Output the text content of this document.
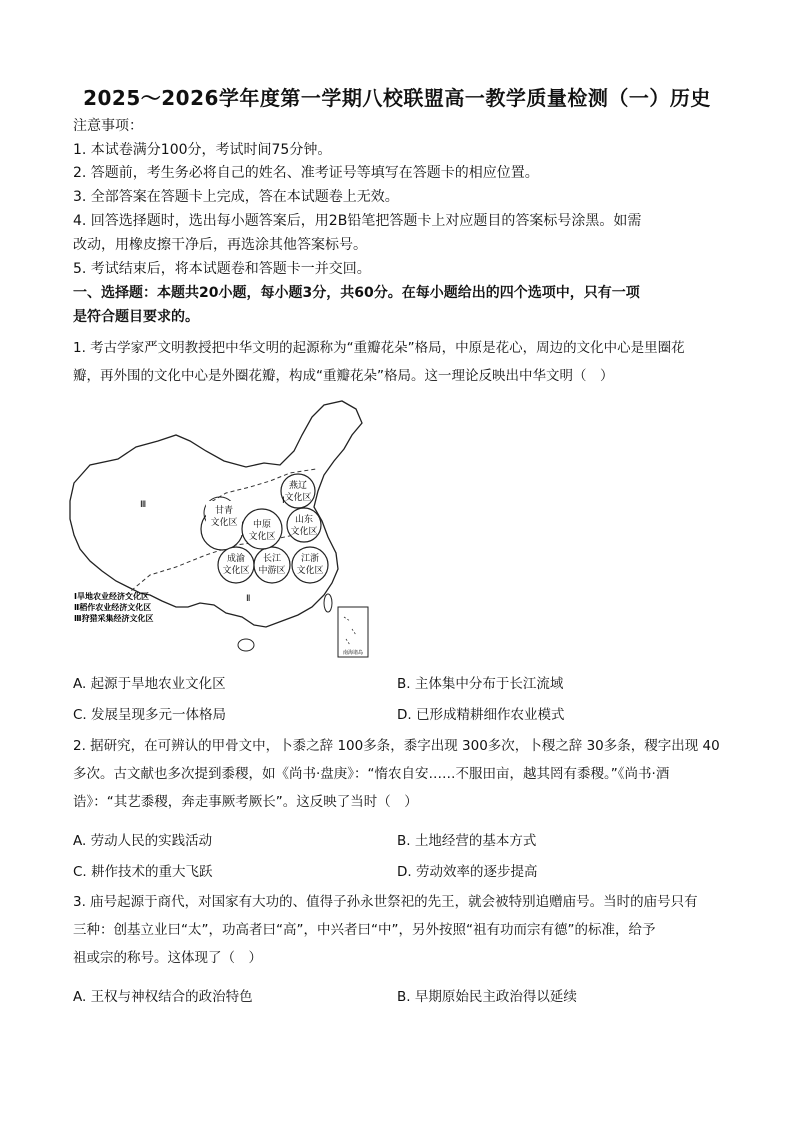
2025～2026学年度第一学期八校联盟高一教学质量检测（一）历史
注意事项：
1. 本试卷满分100分，考试时间75分钟。
2. 答题前，考生务必将自己的姓名、准考证号等填写在答题卡的相应位置。
3. 全部答案在答题卡上完成，答在本试题卷上无效。
4. 回答选择题时，选出每小题答案后，用2B铅笔把答题卡上对应题目的答案标号涂黑。如需
改动，用橡皮擦干净后，再选涂其他答案标号。
5. 考试结束后，将本试题卷和答题卡一并交回。
一、选择题：本题共20小题，每小题3分，共60分。在每小题给出的四个选项中，只有一项
是符合题目要求的。
1. 考古学家严文明教授把中华文明的起源称为“重瓣花朵”格局，中原是花心，周边的文化中心是里圈花
瓣，再外围的文化中心是外圈花瓣，构成“重瓣花朵”格局。这一理论反映出中华文明（　）
甘青
文化区 中原
文化区
燕辽
文化区
山东
文化区
成渝
文化区
长江
中游区
江浙
文化区
Ⅰ
Ⅱ
Ⅲ
Ⅰ旱地农业经济文化区
Ⅱ稻作农业经济文化区
Ⅲ狩猎采集经济文化区
南海诸岛
A. 起源于旱地农业文化区	B. 主体集中分布于长江流域
C. 发展呈现多元一体格局	D. 已形成精耕细作农业模式
2. 据研究，在可辨认的甲骨文中，卜黍之辞 100多条，黍字出现 300多次，卜稷之辞 30多条，稷字出现 40
多次。古文献也多次提到黍稷，如《尚书·盘庚》：“惰农自安……不服田亩，越其罔有黍稷。”《尚书·酒
诰》：“其艺黍稷，奔走事厥考厥长”。这反映了当时（　）
A. 劳动人民的实践活动	B. 土地经营的基本方式
C. 耕作技术的重大飞跃	D. 劳动效率的逐步提高
3. 庙号起源于商代，对国家有大功的、值得子孙永世祭祀的先王，就会被特别追赠庙号。当时的庙号只有
三种：创基立业曰“太”，功高者曰“高”，中兴者曰“中”，另外按照“祖有功而宗有德”的标准，给予
祖或宗的称号。这体现了（　）
A. 王权与神权结合的政治特色	B. 早期原始民主政治得以延续
